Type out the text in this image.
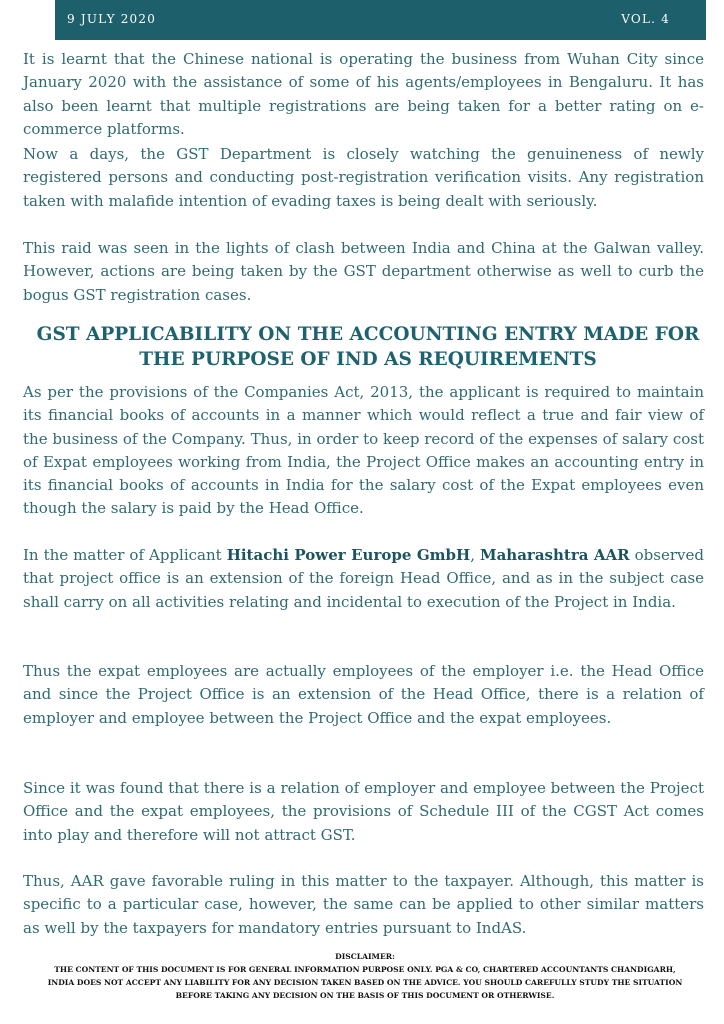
9 JULY 2020	VOL. 4

It is learnt that the Chinese national is operating the business from Wuhan City since January 2020 with the assistance of some of his agents/employees in Bengaluru. It has also been learnt that multiple registrations are being taken for a better rating on e-commerce platforms.

Now a days, the GST Department is closely watching the genuineness of newly registered persons and conducting post-registration verification visits. Any registration taken with malafide intention of evading taxes is being dealt with seriously.

This raid was seen in the lights of clash between India and China at the Galwan valley. However, actions are being taken by the GST department otherwise as well to curb the bogus GST registration cases.

GST APPLICABILITY ON THE ACCOUNTING ENTRY MADE FOR THE PURPOSE OF IND AS REQUIREMENTS

As per the provisions of the Companies Act, 2013, the applicant is required to maintain its financial books of accounts in a manner which would reflect a true and fair view of the business of the Company. Thus, in order to keep record of the expenses of salary cost of Expat employees working from India, the Project Office makes an accounting entry in its financial books of accounts in India for the salary cost of the Expat employees even though the salary is paid by the Head Office.

In the matter of Applicant Hitachi Power Europe GmbH, Maharashtra AAR observed that project office is an extension of the foreign Head Office, and as in the subject case shall carry on all activities relating and incidental to execution of the Project in India.

Thus the expat employees are actually employees of the employer i.e. the Head Office and since the Project Office is an extension of the Head Office, there is a relation of employer and employee between the Project Office and the expat employees.

Since it was found that there is a relation of employer and employee between the Project Office and the expat employees, the provisions of Schedule III of the CGST Act comes into play and therefore will not attract GST.

Thus, AAR gave favorable ruling in this matter to the taxpayer. Although, this matter is specific to a particular case, however, the same can be applied to other similar matters as well by the taxpayers for mandatory entries pursuant to IndAS.

DISCLAIMER:
THE CONTENT OF THIS DOCUMENT IS FOR GENERAL INFORMATION PURPOSE ONLY. PGA & CO, CHARTERED ACCOUNTANTS CHANDIGARH, INDIA DOES NOT ACCEPT ANY LIABILITY FOR ANY DECISION TAKEN BASED ON THE ADVICE. YOU SHOULD CAREFULLY STUDY THE SITUATION BEFORE TAKING ANY DECISION ON THE BASIS OF THIS DOCUMENT OR OTHERWISE.
